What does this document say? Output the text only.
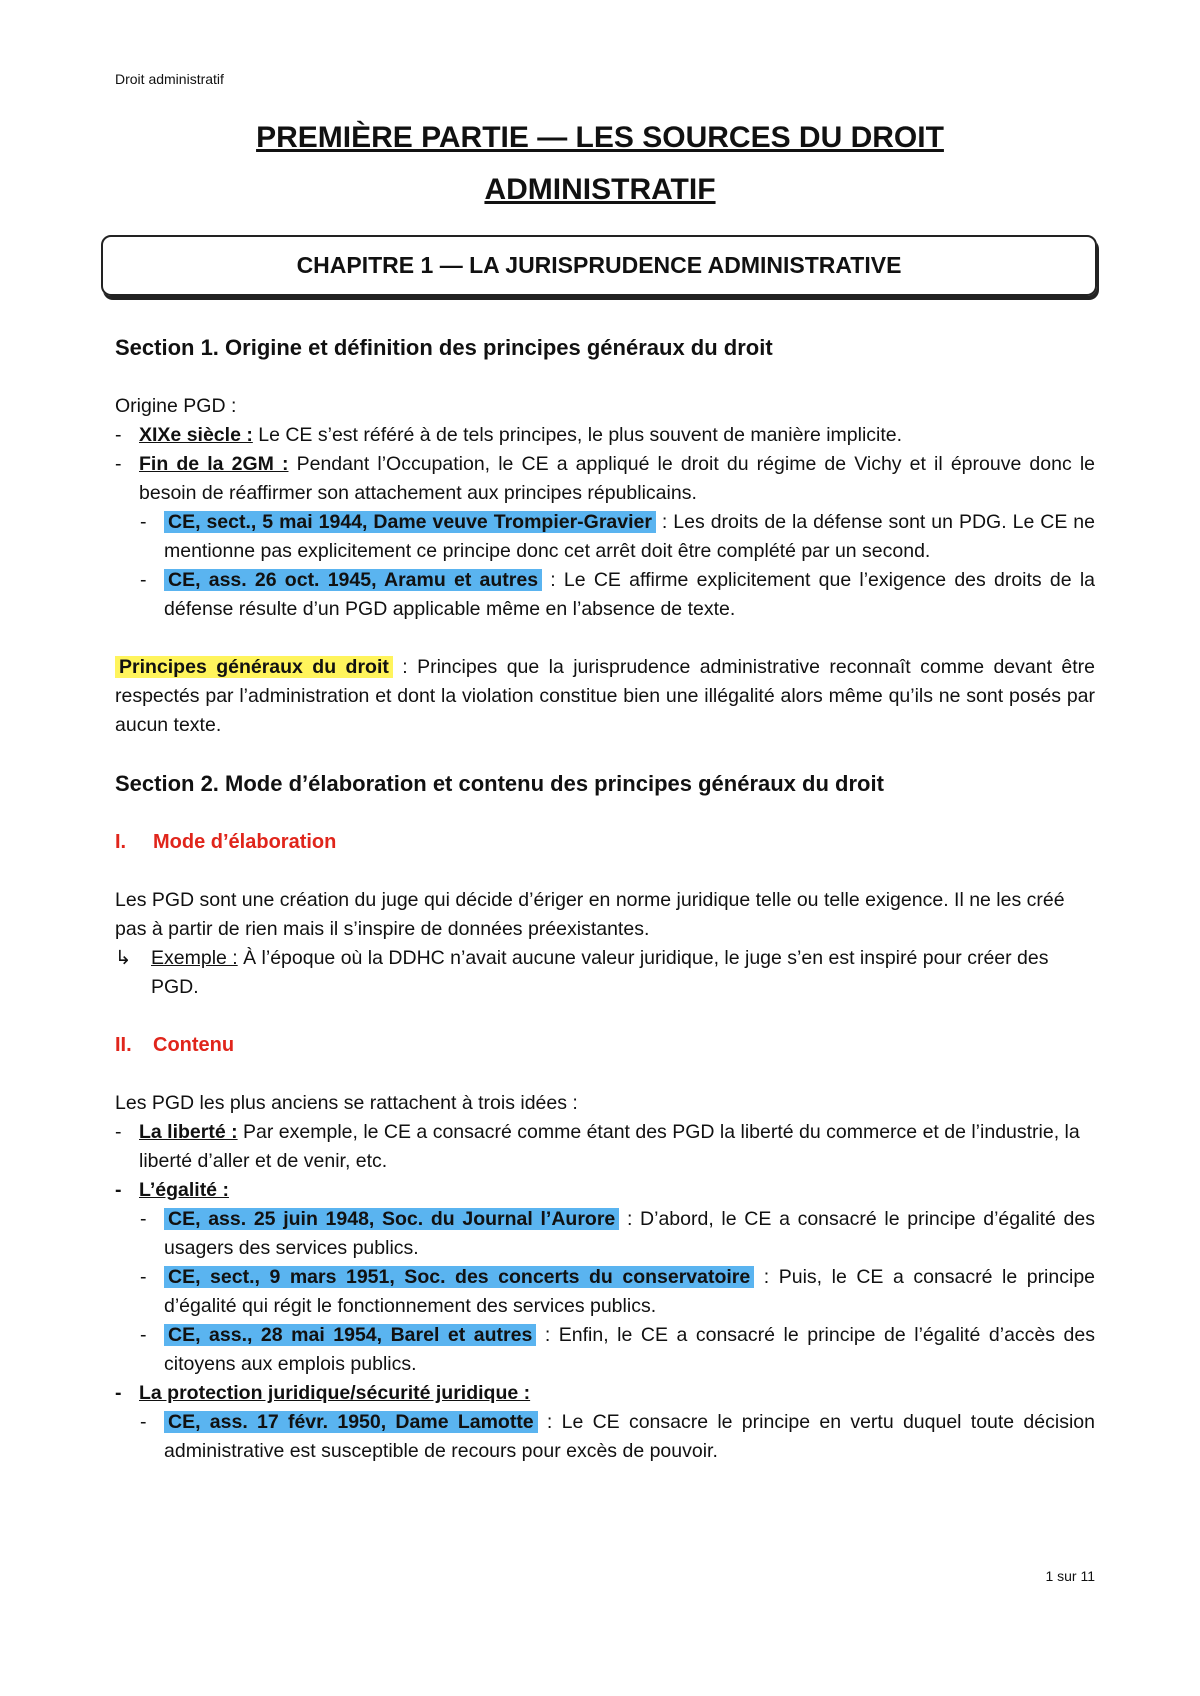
Droit administratif
PREMIÈRE PARTIE — LES SOURCES DU DROIT
ADMINISTRATIF
CHAPITRE 1 — LA JURISPRUDENCE ADMINISTRATIVE
Section 1. Origine et définition des principes généraux du droit
Origine PGD :
- XIXe siècle : Le CE s’est référé à de tels principes, le plus souvent de manière implicite.
- Fin de la 2GM : Pendant l’Occupation, le CE a appliqué le droit du régime de Vichy et il éprouve donc le besoin de réaffirmer son attachement aux principes républicains.
- CE, sect., 5 mai 1944, Dame veuve Trompier-Gravier : Les droits de la défense sont un PDG. Le CE ne mentionne pas explicitement ce principe donc cet arrêt doit être complété par un second.
- CE, ass. 26 oct. 1945, Aramu et autres : Le CE affirme explicitement que l’exigence des droits de la défense résulte d’un PGD applicable même en l’absence de texte.
Principes généraux du droit : Principes que la jurisprudence administrative reconnaît comme devant être respectés par l’administration et dont la violation constitue bien une illégalité alors même qu’ils ne sont posés par aucun texte.
Section 2. Mode d’élaboration et contenu des principes généraux du droit
I. Mode d’élaboration
Les PGD sont une création du juge qui décide d’ériger en norme juridique telle ou telle exigence. Il ne les créé pas à partir de rien mais il s’inspire de données préexistantes.
↳ Exemple : À l’époque où la DDHC n’avait aucune valeur juridique, le juge s’en est inspiré pour créer des PGD.
II. Contenu
Les PGD les plus anciens se rattachent à trois idées :
- La liberté : Par exemple, le CE a consacré comme étant des PGD la liberté du commerce et de l’industrie, la liberté d’aller et de venir, etc.
- L’égalité :
- CE, ass. 25 juin 1948, Soc. du Journal l’Aurore : D’abord, le CE a consacré le principe d’égalité des usagers des services publics.
- CE, sect., 9 mars 1951, Soc. des concerts du conservatoire : Puis, le CE a consacré le principe d’égalité qui régit le fonctionnement des services publics.
- CE, ass., 28 mai 1954, Barel et autres : Enfin, le CE a consacré le principe de l’égalité d’accès des citoyens aux emplois publics.
- La protection juridique/sécurité juridique :
- CE, ass. 17 févr. 1950, Dame Lamotte : Le CE consacre le principe en vertu duquel toute décision administrative est susceptible de recours pour excès de pouvoir.
1 sur 11
